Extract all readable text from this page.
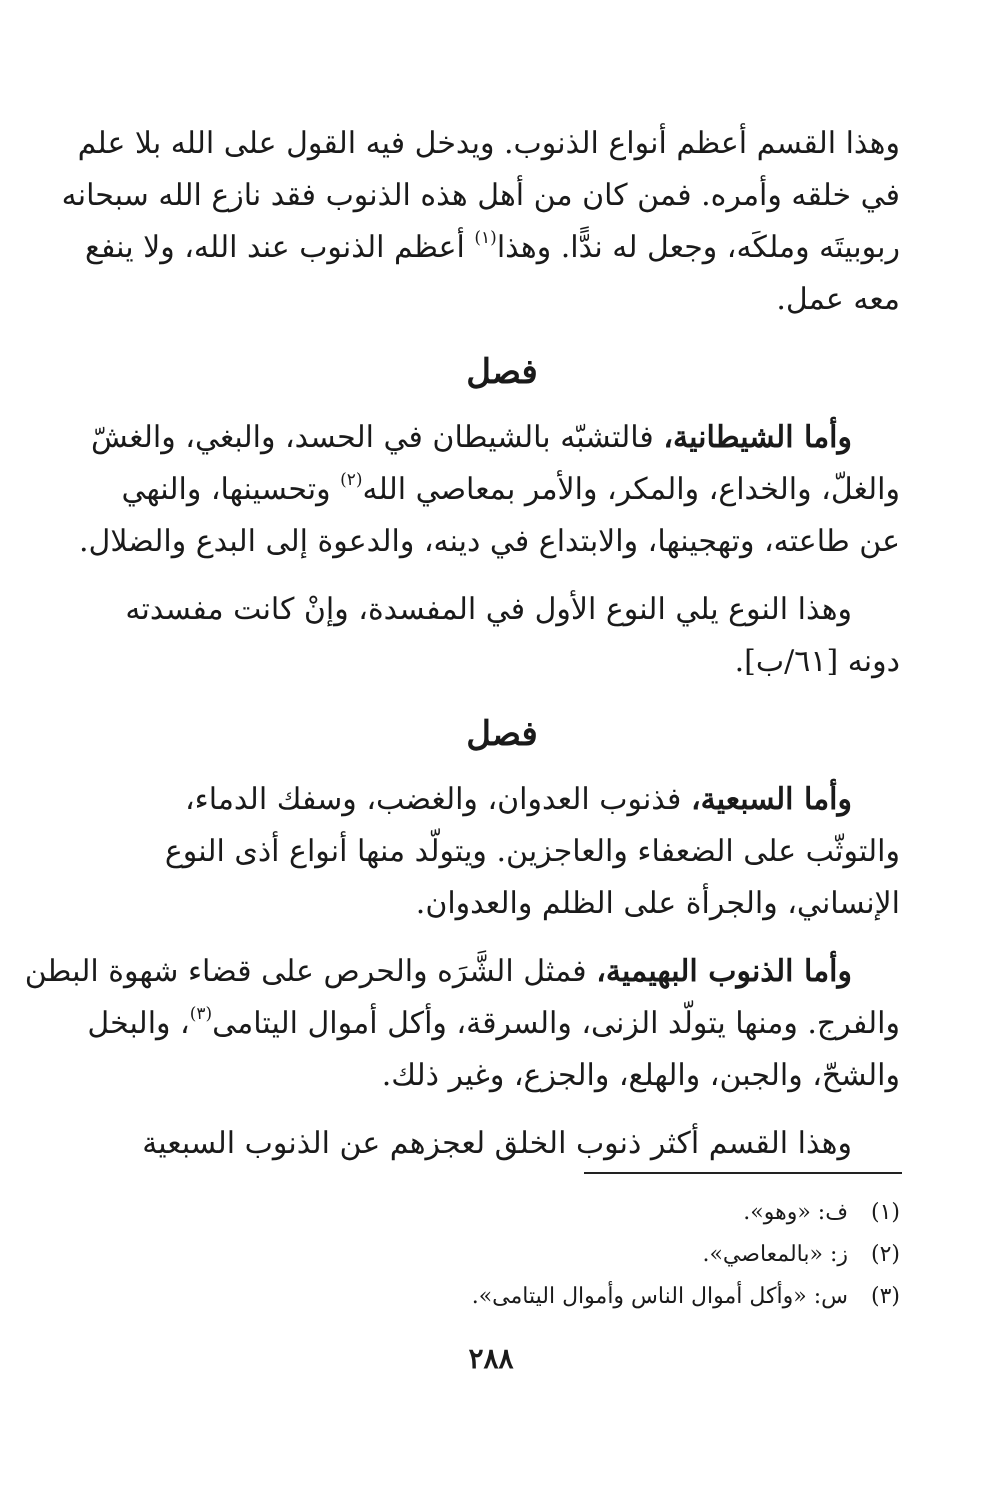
وهذا القسم أعظم أنواع الذنوب. ويدخل فيه القول على الله بلا علم
في خلقه وأمره. فمن كان من أهل هذه الذنوب فقد نازع الله سبحانه
ربوبيتَه وملكَه، وجعل له ندًّا. وهذا$^{(١)}$ أعظم الذنوب عند الله، ولا ينفع
معه عمل.
فصل
وأما الشيطانية، فالتشبّه بالشيطان في الحسد، والبغي، والغشّ
والغلّ، والخداع، والمكر، والأمر بمعاصي الله$^{(٢)}$ وتحسينها، والنهي
عن طاعته، وتهجينها، والابتداع في دينه، والدعوة إلى البدع والضلال.
وهذا النوع يلي النوع الأول في المفسدة، وإنْ كانت مفسدته
دونه [٦١/ب].
فصل
وأما السبعية، فذنوب العدوان، والغضب، وسفك الدماء،
والتوثّب على الضعفاء والعاجزين. ويتولّد منها أنواع أذى النوع
الإنساني، والجرأة على الظلم والعدوان.
وأما الذنوب البهيمية، فمثل الشَّرَه والحرص على قضاء شهوة البطن
والفرج. ومنها يتولّد الزنى، والسرقة، وأكل أموال اليتامى$^{(٣)}$، والبخل
والشحّ، والجبن، والهلع، والجزع، وغير ذلك.
وهذا القسم أكثر ذنوب الخلق لعجزهم عن الذنوب السبعية
(١)ف: «وهو».
(٢)ز: «بالمعاصي».
(٣)س: «وأكل أموال الناس وأموال اليتامى».
٢٨٨
